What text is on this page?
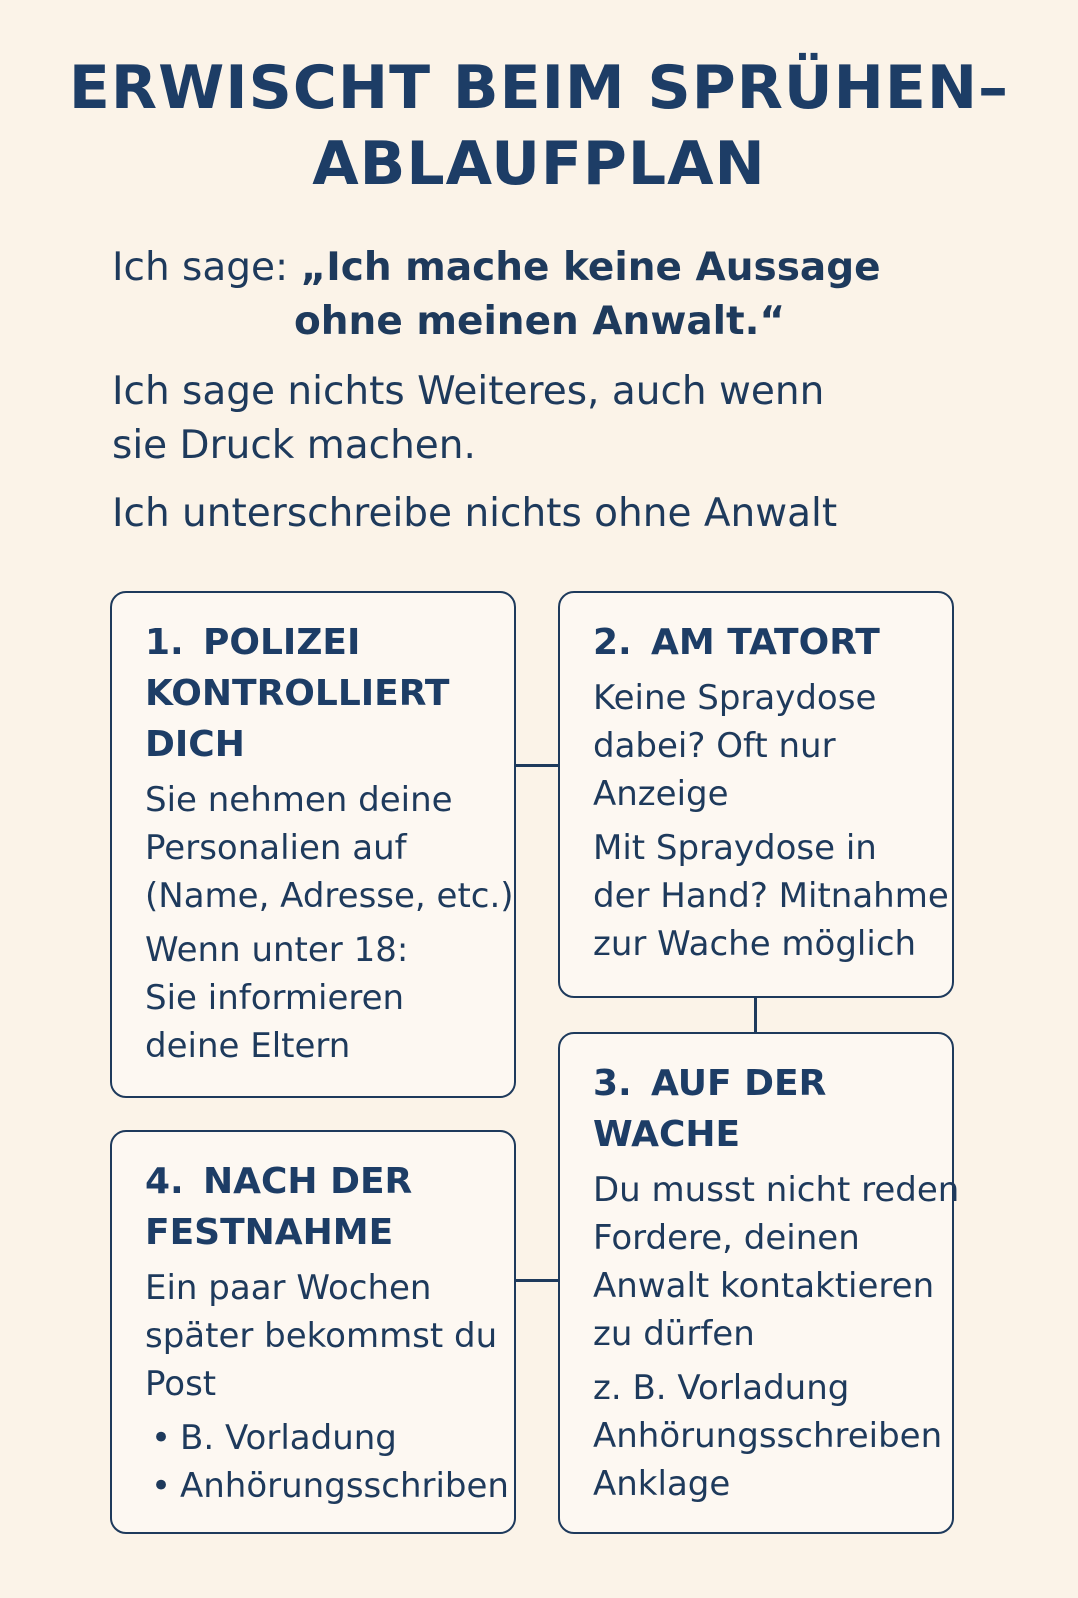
ERWISCHT BEIM SPRÜHEN–
ABLAUFPLAN

Ich sage: „Ich mache keine Aussage

ohne meinen Anwalt.“

Ich sage nichts Weiteres, auch wenn

sie Druck machen.

Ich unterschreibe nichts ohne Anwalt

1. POLIZEI
KONTROLLIERT
DICH

Sie nehmen deine
Personalien auf
(Name, Adresse, etc.)

Wenn unter 18:
Sie informieren
deine Eltern

2. AM TATORT

Keine Spraydose
dabei? Oft nur
Anzeige

Mit Spraydose in
der Hand? Mitnahme
zur Wache möglich

3. AUF DER
WACHE

Du musst nicht reden
Fordere, deinen
Anwalt kontaktieren
zu dürfen

z. B. Vorladung
Anhörungsschreiben
Anklage

4. NACH DER
FESTNAHME

Ein paar Wochen
später bekommst du
Post

• B. Vorladung
• Anhörungsschriben
